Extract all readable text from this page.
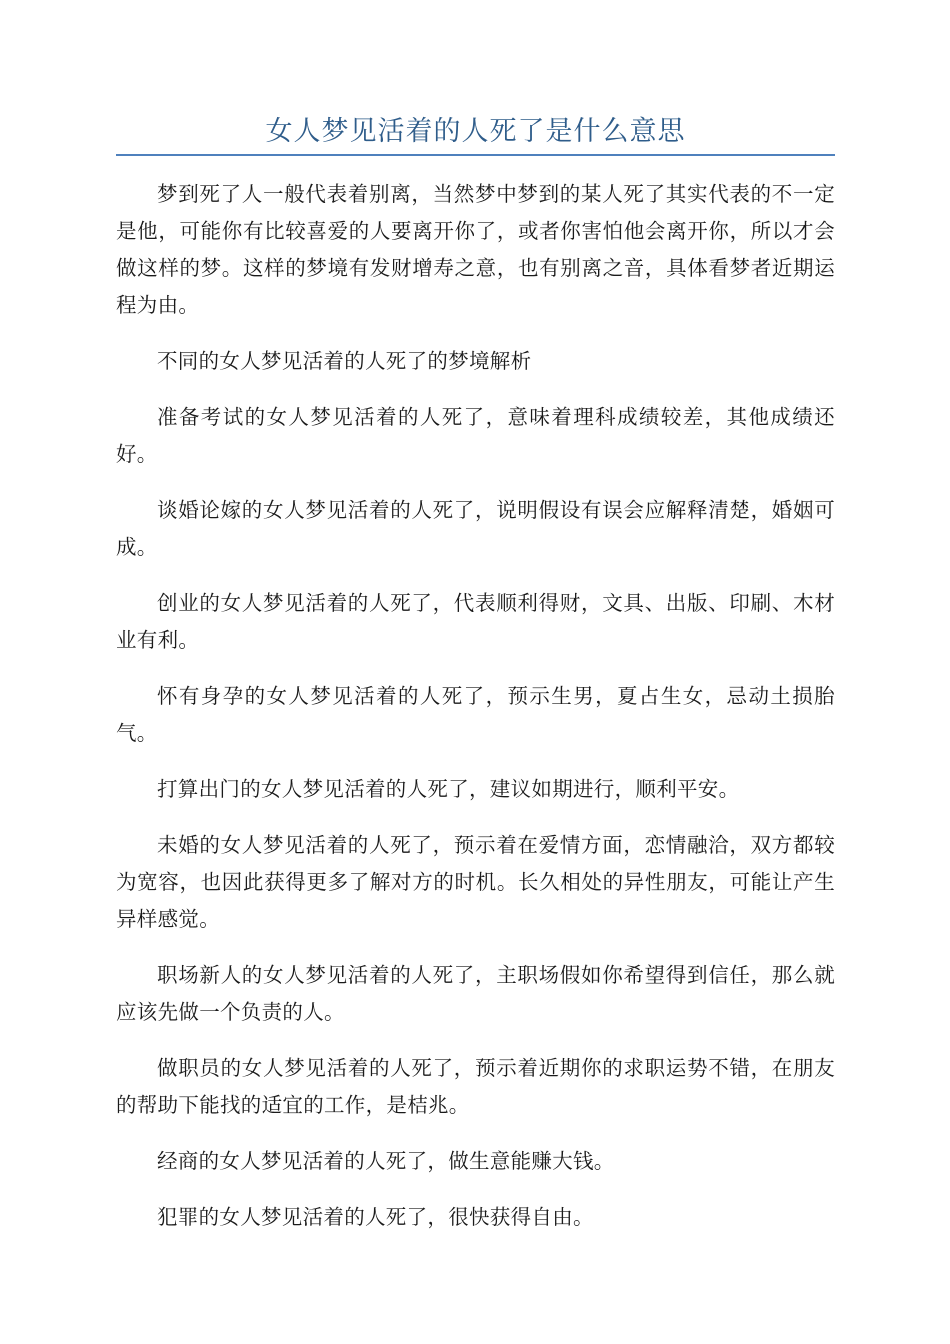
女人梦见活着的人死了是什么意思

梦到死了人一般代表着别离，当然梦中梦到的某人死了其实代表的不一定是他，可能你有比较喜爱的人要离开你了，或者你害怕他会离开你，所以才会做这样的梦。这样的梦境有发财增寿之意，也有别离之音，具体看梦者近期运程为由。

不同的女人梦见活着的人死了的梦境解析

准备考试的女人梦见活着的人死了，意味着理科成绩较差，其他成绩还好。

谈婚论嫁的女人梦见活着的人死了，说明假设有误会应解释清楚，婚姻可成。

创业的女人梦见活着的人死了，代表顺利得财，文具、出版、印刷、木材业有利。

怀有身孕的女人梦见活着的人死了，预示生男，夏占生女，忌动土损胎气。

打算出门的女人梦见活着的人死了，建议如期进行，顺利平安。

未婚的女人梦见活着的人死了，预示着在爱情方面，恋情融洽，双方都较为宽容，也因此获得更多了解对方的时机。长久相处的异性朋友，可能让产生异样感觉。

职场新人的女人梦见活着的人死了，主职场假如你希望得到信任，那么就应该先做一个负责的人。

做职员的女人梦见活着的人死了，预示着近期你的求职运势不错，在朋友的帮助下能找的适宜的工作，是桔兆。

经商的女人梦见活着的人死了，做生意能赚大钱。

犯罪的女人梦见活着的人死了，很快获得自由。
